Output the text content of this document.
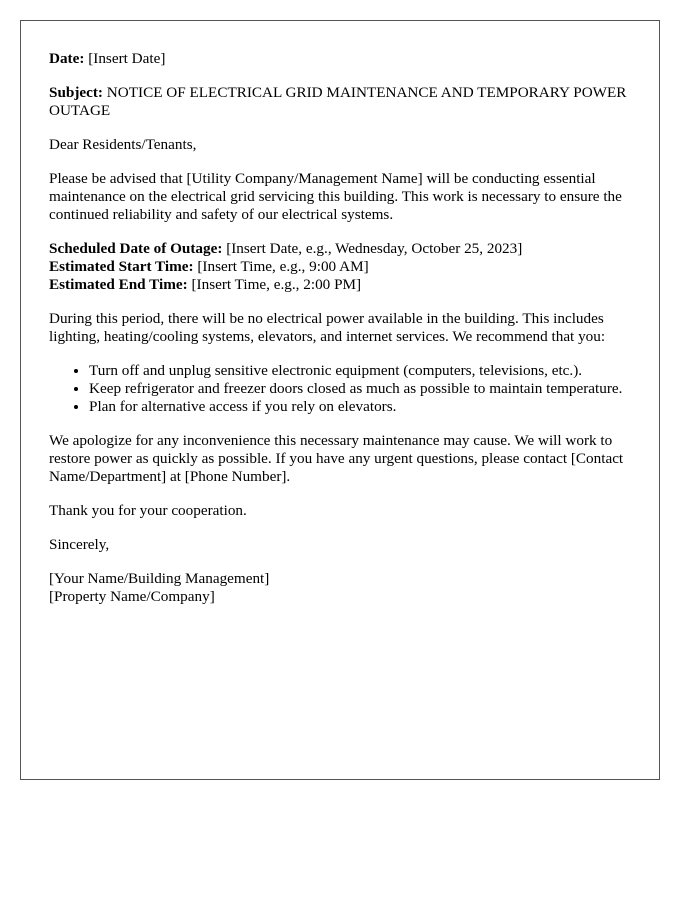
Date: [Insert Date]

Subject: NOTICE OF ELECTRICAL GRID MAINTENANCE AND TEMPORARY POWER OUTAGE

Dear Residents/Tenants,

Please be advised that [Utility Company/Management Name] will be conducting essential maintenance on the electrical grid servicing this building. This work is necessary to ensure the continued reliability and safety of our electrical systems.

Scheduled Date of Outage: [Insert Date, e.g., Wednesday, October 25, 2023]

Estimated Start Time: [Insert Time, e.g., 9:00 AM]

Estimated End Time: [Insert Time, e.g., 2:00 PM]

During this period, there will be no electrical power available in the building. This includes lighting, heating/cooling systems, elevators, and internet services. We recommend that you:

• Turn off and unplug sensitive electronic equipment (computers, televisions, etc.).
• Keep refrigerator and freezer doors closed as much as possible to maintain temperature.
• Plan for alternative access if you rely on elevators.

We apologize for any inconvenience this necessary maintenance may cause. We will work to restore power as quickly as possible. If you have any urgent questions, please contact [Contact Name/Department] at [Phone Number].

Thank you for your cooperation.

Sincerely,

[Your Name/Building Management]

[Property Name/Company]
